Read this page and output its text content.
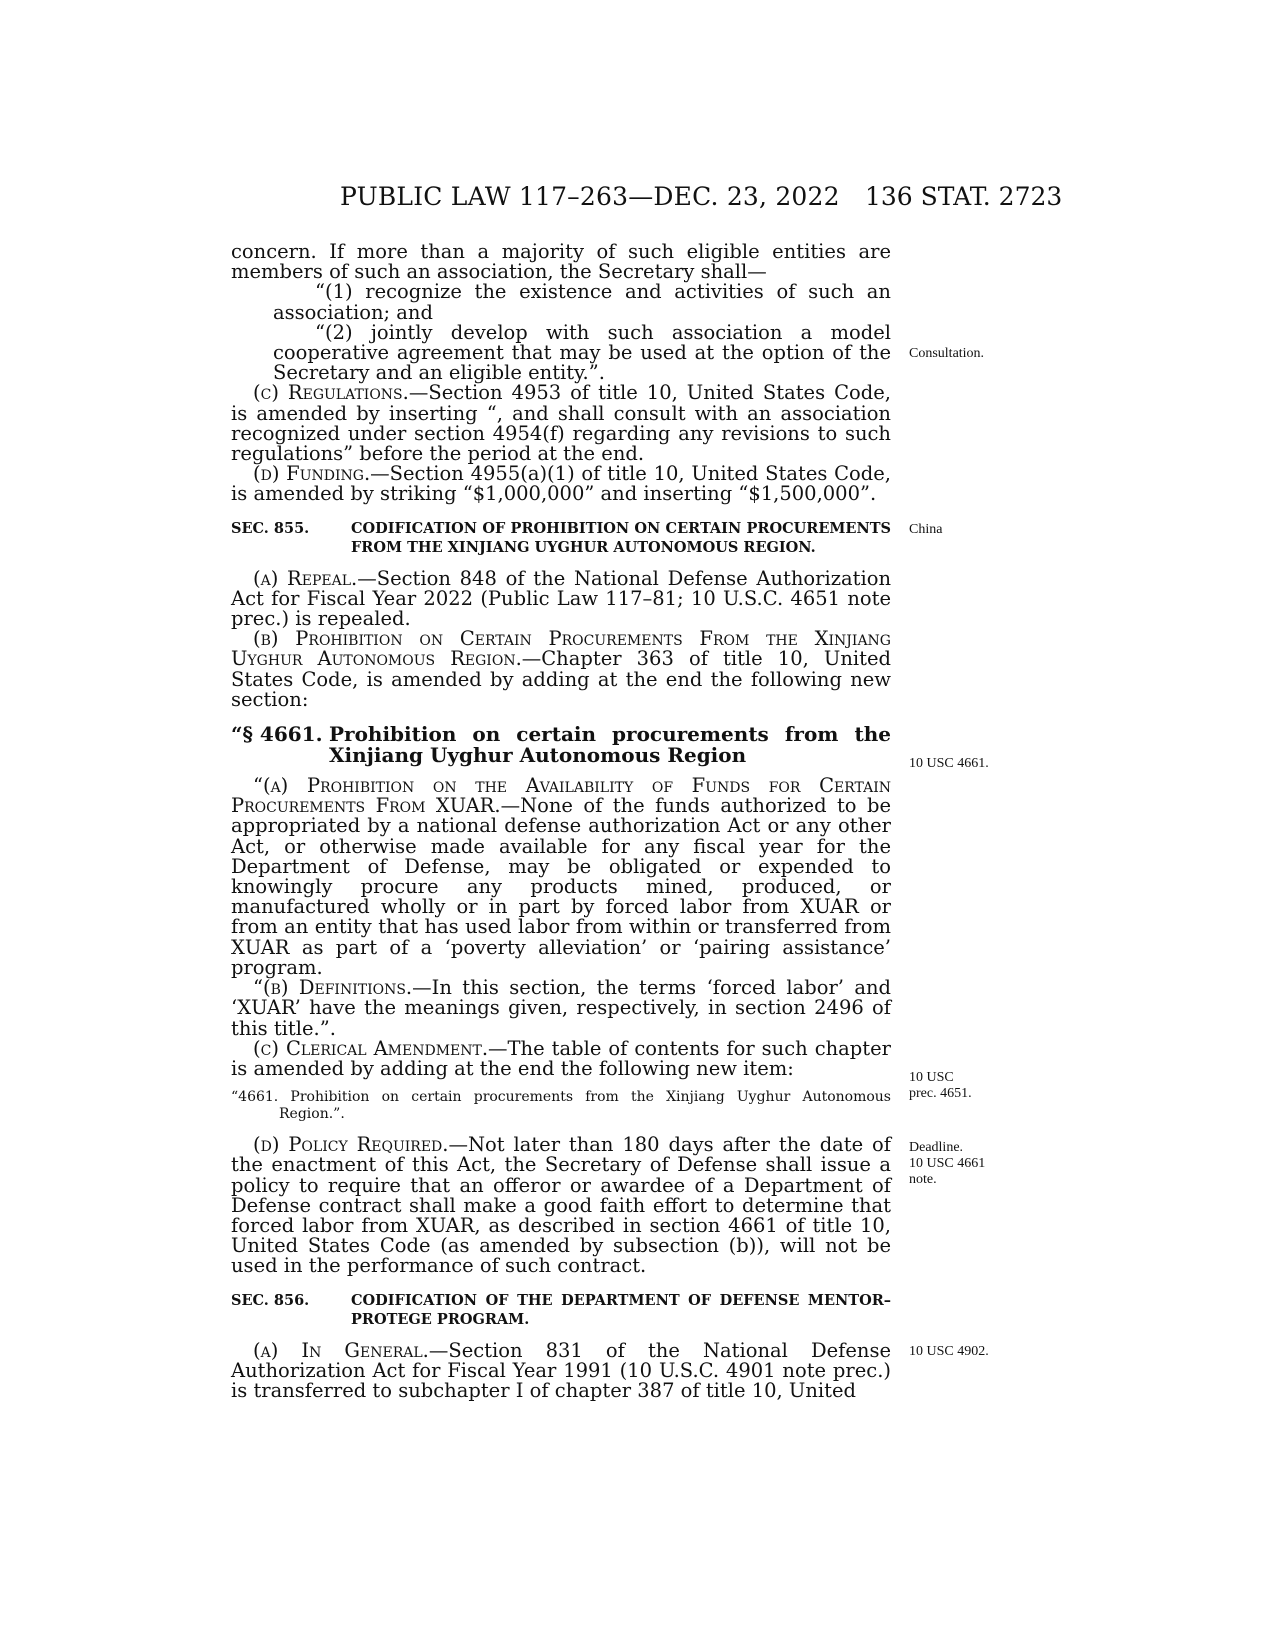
PUBLIC LAW 117–263—DEC. 23, 2022 136 STAT. 2723

concern. If more than a majority of such eligible entities are members of such an association, the Secretary shall—

“(1) recognize the existence and activities of such an association; and

“(2) jointly develop with such association a model cooperative agreement that may be used at the option of the Secretary and an eligible entity.”.

(c) Regulations.—Section 4953 of title 10, United States Code, is amended by inserting “, and shall consult with an association recognized under section 4954(f) regarding any revisions to such regulations” before the period at the end.

(d) Funding.—Section 4955(a)(1) of title 10, United States Code, is amended by striking “$1,000,000” and inserting “$1,500,000”.

SEC. 855.	CODIFICATION OF PROHIBITION ON CERTAIN PROCUREMENTS FROM THE XINJIANG UYGHUR AUTONOMOUS REGION.

(a) Repeal.—Section 848 of the National Defense Authorization Act for Fiscal Year 2022 (Public Law 117–81; 10 U.S.C. 4651 note prec.) is repealed.

(b) Prohibition on Certain Procurements From the Xinjiang Uyghur Autonomous Region.—Chapter 363 of title 10, United States Code, is amended by adding at the end the following new section:

“§ 4661. Prohibition on certain procurements from the Xinjiang Uyghur Autonomous Region

“(a) Prohibition on the Availability of Funds for Certain Procurements From XUAR.—None of the funds authorized to be appropriated by a national defense authorization Act or any other Act, or otherwise made available for any fiscal year for the Department of Defense, may be obligated or expended to knowingly procure any products mined, produced, or manufactured wholly or in part by forced labor from XUAR or from an entity that has used labor from within or transferred from XUAR as part of a ‘poverty alleviation’ or ‘pairing assistance’ program.

“(b) Definitions.—In this section, the terms ‘forced labor’ and ‘XUAR’ have the meanings given, respectively, in section 2496 of this title.”.

(c) Clerical Amendment.—The table of contents for such chapter is amended by adding at the end the following new item:

“4661. Prohibition on certain procurements from the Xinjiang Uyghur Autonomous Region.”.

(d) Policy Required.—Not later than 180 days after the date of the enactment of this Act, the Secretary of Defense shall issue a policy to require that an offeror or awardee of a Department of Defense contract shall make a good faith effort to determine that forced labor from XUAR, as described in section 4661 of title 10, United States Code (as amended by subsection (b)), will not be used in the performance of such contract.

SEC. 856.	CODIFICATION OF THE DEPARTMENT OF DEFENSE MENTOR–PROTEGE PROGRAM.

(a) In General.—Section 831 of the National Defense Authorization Act for Fiscal Year 1991 (10 U.S.C. 4901 note prec.) is transferred to subchapter I of chapter 387 of title 10, United

Consultation.
China
10 USC 4661.
10 USC
prec. 4651.
Deadline.
10 USC 4661
note.
10 USC 4902.
